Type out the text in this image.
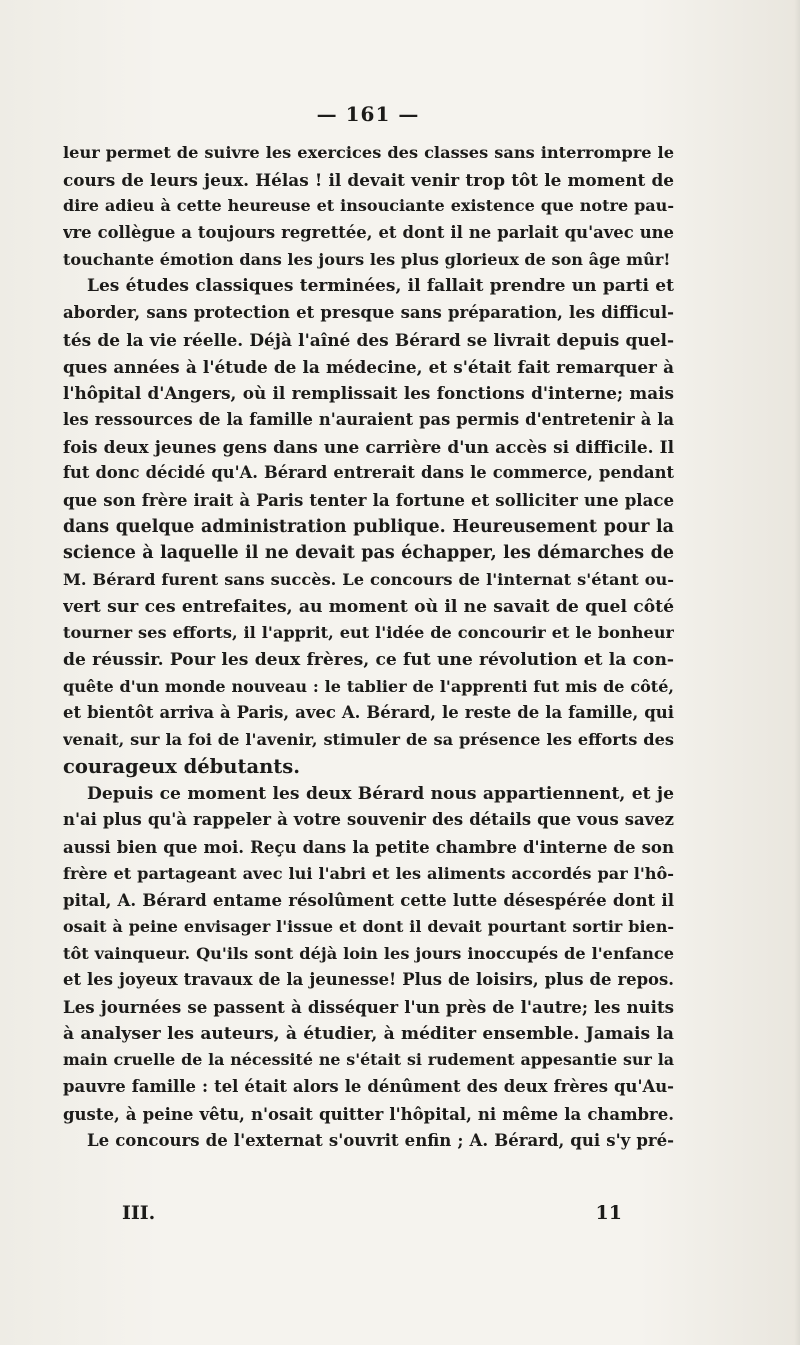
— 161 —
leur permet de suivre les exercices des classes sans interrompre le
cours de leurs jeux. Hélas ! il devait venir trop tôt le moment de
dire adieu à cette heureuse et insouciante existence que notre pau-
vre collègue a toujours regrettée, et dont il ne parlait qu'avec une
touchante émotion dans les jours les plus glorieux de son âge mûr!
Les études classiques terminées, il fallait prendre un parti et
aborder, sans protection et presque sans préparation, les difficul-
tés de la vie réelle. Déjà l'aîné des Bérard se livrait depuis quel-
ques années à l'étude de la médecine, et s'était fait remarquer à
l'hôpital d'Angers, où il remplissait les fonctions d'interne; mais
les ressources de la famille n'auraient pas permis d'entretenir à la
fois deux jeunes gens dans une carrière d'un accès si difficile. Il
fut donc décidé qu'A. Bérard entrerait dans le commerce, pendant
que son frère irait à Paris tenter la fortune et solliciter une place
dans quelque administration publique. Heureusement pour la
science à laquelle il ne devait pas échapper, les démarches de
M. Bérard furent sans succès. Le concours de l'internat s'étant ou-
vert sur ces entrefaites, au moment où il ne savait de quel côté
tourner ses efforts, il l'apprit, eut l'idée de concourir et le bonheur
de réussir. Pour les deux frères, ce fut une révolution et la con-
quête d'un monde nouveau : le tablier de l'apprenti fut mis de côté,
et bientôt arriva à Paris, avec A. Bérard, le reste de la famille, qui
venait, sur la foi de l'avenir, stimuler de sa présence les efforts des
courageux débutants.
Depuis ce moment les deux Bérard nous appartiennent, et je
n'ai plus qu'à rappeler à votre souvenir des détails que vous savez
aussi bien que moi. Reçu dans la petite chambre d'interne de son
frère et partageant avec lui l'abri et les aliments accordés par l'hô-
pital, A. Bérard entame résolûment cette lutte désespérée dont il
osait à peine envisager l'issue et dont il devait pourtant sortir bien-
tôt vainqueur. Qu'ils sont déjà loin les jours inoccupés de l'enfance
et les joyeux travaux de la jeunesse! Plus de loisirs, plus de repos.
Les journées se passent à disséquer l'un près de l'autre; les nuits
à analyser les auteurs, à étudier, à méditer ensemble. Jamais la
main cruelle de la nécessité ne s'était si rudement appesantie sur la
pauvre famille : tel était alors le dénûment des deux frères qu'Au-
guste, à peine vêtu, n'osait quitter l'hôpital, ni même la chambre.
Le concours de l'externat s'ouvrit enfin ; A. Bérard, qui s'y pré-
III.	11
